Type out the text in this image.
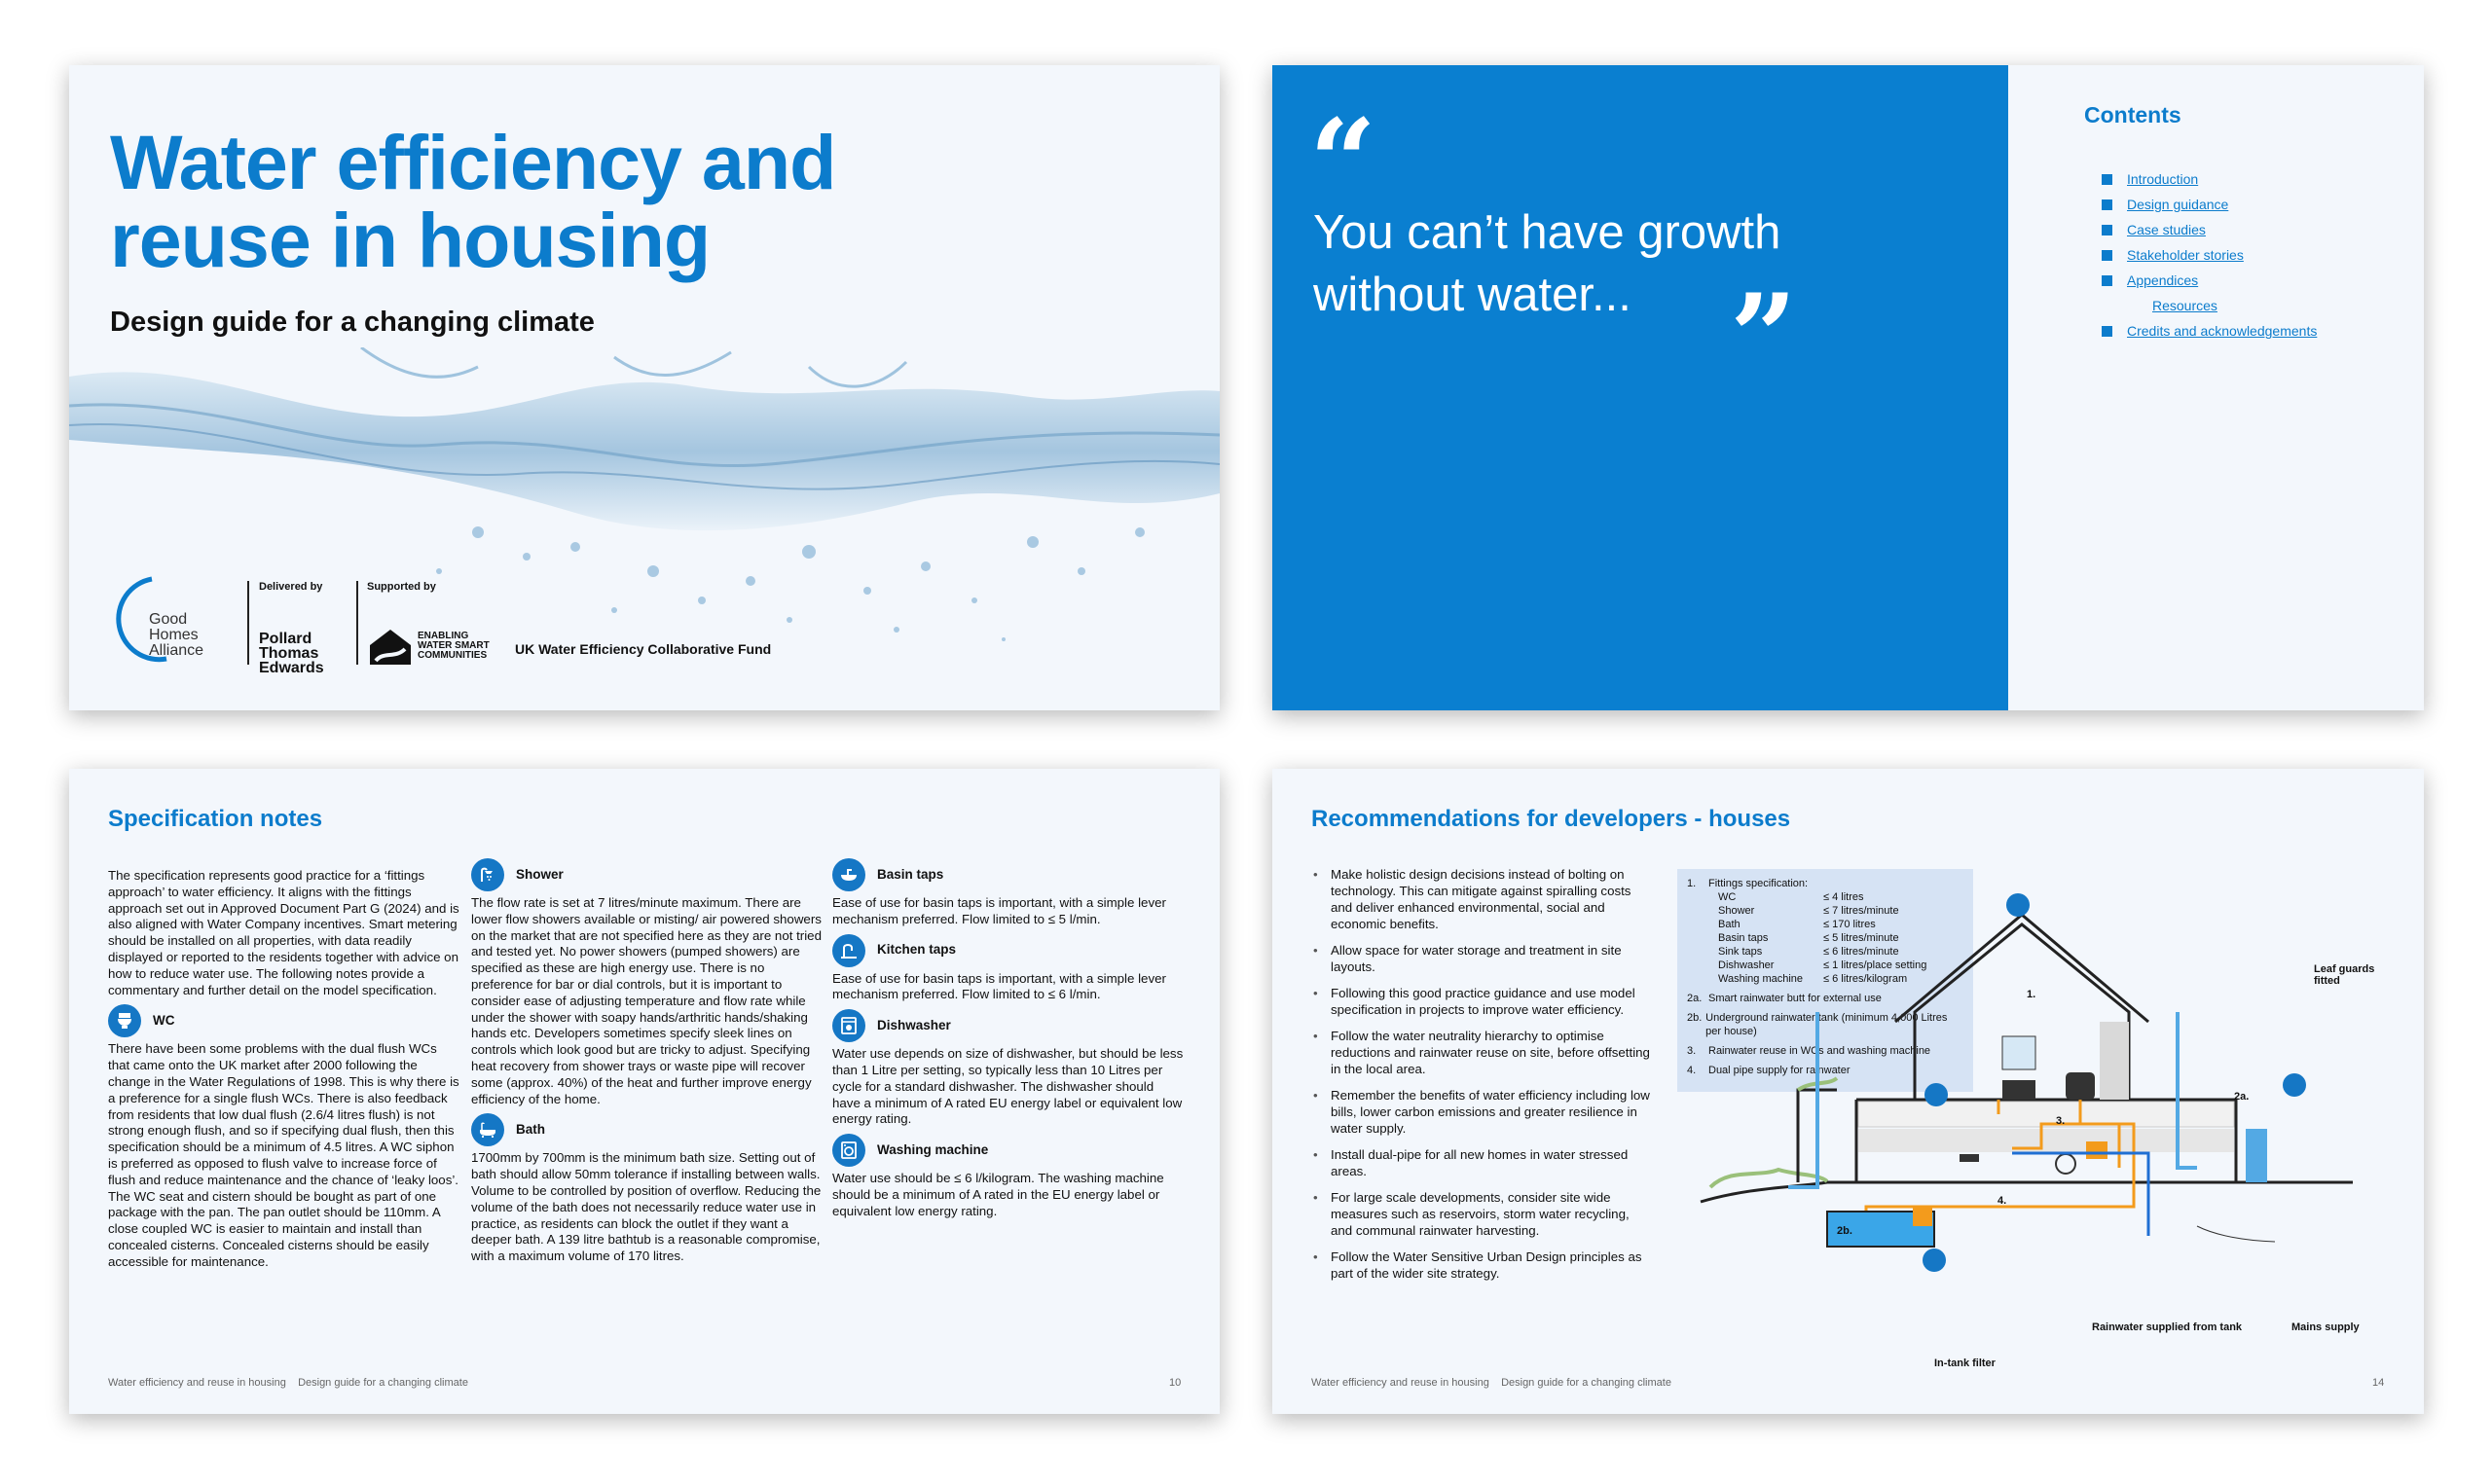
Water efficiency and
reuse in housing
Design guide for a changing climate
Good
Homes
Alliance
Delivered by
Pollard
Thomas
Edwards
Supported by
ENABLING
WATER SMART
COMMUNITIES UK Water Efficiency Collaborative Fund
“
You can’t have growth
without water... ”
Contents
Introduction
Design guidance
Case studies
Stakeholder stories
Appendices
Resources
Credits and acknowledgements
Specification notes
The specification represents good practice for a ‘fittings approach’ to water efficiency. It aligns with the fittings approach set out in Approved Document Part G (2024) and is also aligned with Water Company incentives. Smart metering should be installed on all properties, with data readily displayed or reported to the residents together with advice on how to reduce water use. The following notes provide a commentary and further detail on the model specification.
WC
There have been some problems with the dual flush WCs that came onto the UK market after 2000 following the change in the Water Regulations of 1998. This is why there is a preference for a single flush WCs. There is also feedback from residents that low dual flush (2.6/4 litres flush) is not strong enough flush, and so if specifying dual flush, then this specification should be a minimum of 4.5 litres. A WC siphon is preferred as opposed to flush valve to increase force of flush and reduce maintenance and the chance of ‘leaky loos’. The WC seat and cistern should be bought as part of one package with the pan. The pan outlet should be 110mm. A close coupled WC is easier to maintain and install than concealed cisterns. Concealed cisterns should be easily accessible for maintenance.
Shower
The flow rate is set at 7 litres/minute maximum. There are lower flow showers available or misting/ air powered showers on the market that are not specified here as they are not tried and tested yet. No power showers (pumped showers) are specified as these are high energy use. There is no preference for bar or dial controls, but it is important to consider ease of adjusting temperature and flow rate while under the shower with soapy hands/arthritic hands/shaking hands etc. Developers sometimes specify sleek lines on controls which look good but are tricky to adjust. Specifying heat recovery from shower trays or waste pipe will recover some (approx. 40%) of the heat and further improve energy efficiency of the home.
Bath
1700mm by 700mm is the minimum bath size. Setting out of bath should allow 50mm tolerance if installing between walls. Volume to be controlled by position of overflow. Reducing the volume of the bath does not necessarily reduce water use in practice, as residents can block the outlet if they want a deeper bath. A 139 litre bathtub is a reasonable compromise, with a maximum volume of 170 litres.
Basin taps
Ease of use for basin taps is important, with a simple lever mechanism preferred. Flow limited to ≤ 5 l/min.
Kitchen taps
Ease of use for basin taps is important, with a simple lever mechanism preferred. Flow limited to ≤ 6 l/min.
Dishwasher
Water use depends on size of dishwasher, but should be less than 1 Litre per setting, so typically less than 10 Litres per cycle for a standard dishwasher. The dishwasher should have a minimum of A rated EU energy label or equivalent low energy rating.
Washing machine
Water use should be ≤ 6 l/kilogram. The washing machine should be a minimum of A rated in the EU energy label or equivalent low energy rating.
Water efficiency and reuse in housing Design guide for a changing climate	10
Recommendations for developers - houses
• Make holistic design decisions instead of bolting on technology. This can mitigate against spiralling costs and deliver enhanced environmental, social and economic benefits.
• Allow space for water storage and treatment in site layouts.
• Following this good practice guidance and use model specification in projects to improve water efficiency.
• Follow the water neutrality hierarchy to optimise reductions and rainwater reuse on site, before offsetting in the local area.
• Remember the benefits of water efficiency including low bills, lower carbon emissions and greater resilience in water supply.
• Install dual-pipe for all new homes in water stressed areas.
• For large scale developments, consider site wide measures such as reservoirs, storm water recycling, and communal rainwater harvesting.
• Follow the Water Sensitive Urban Design principles as part of the wider site strategy.
1.	Fittings specification:
WC	≤ 4 litres
Shower	≤ 7 litres/minute
Bath	≤ 170 litres
Basin taps	≤ 5 litres/minute
Sink taps	≤ 6 litres/minute
Dishwasher	≤ 1 litres/place setting
Washing machine	≤ 6 litres/kilogram
2a. Smart rainwater butt for external use
2b. Underground rainwater tank (minimum 4,000 Litres per house)
3.	Rainwater reuse in WCs and washing machine
4.	Dual pipe supply for rainwater
2b.
1.
3.
4.
2a.
Leaf guards fitted
In-tank filter
Rainwater supplied from tank	Mains supply
Water efficiency and reuse in housing Design guide for a changing climate	14
